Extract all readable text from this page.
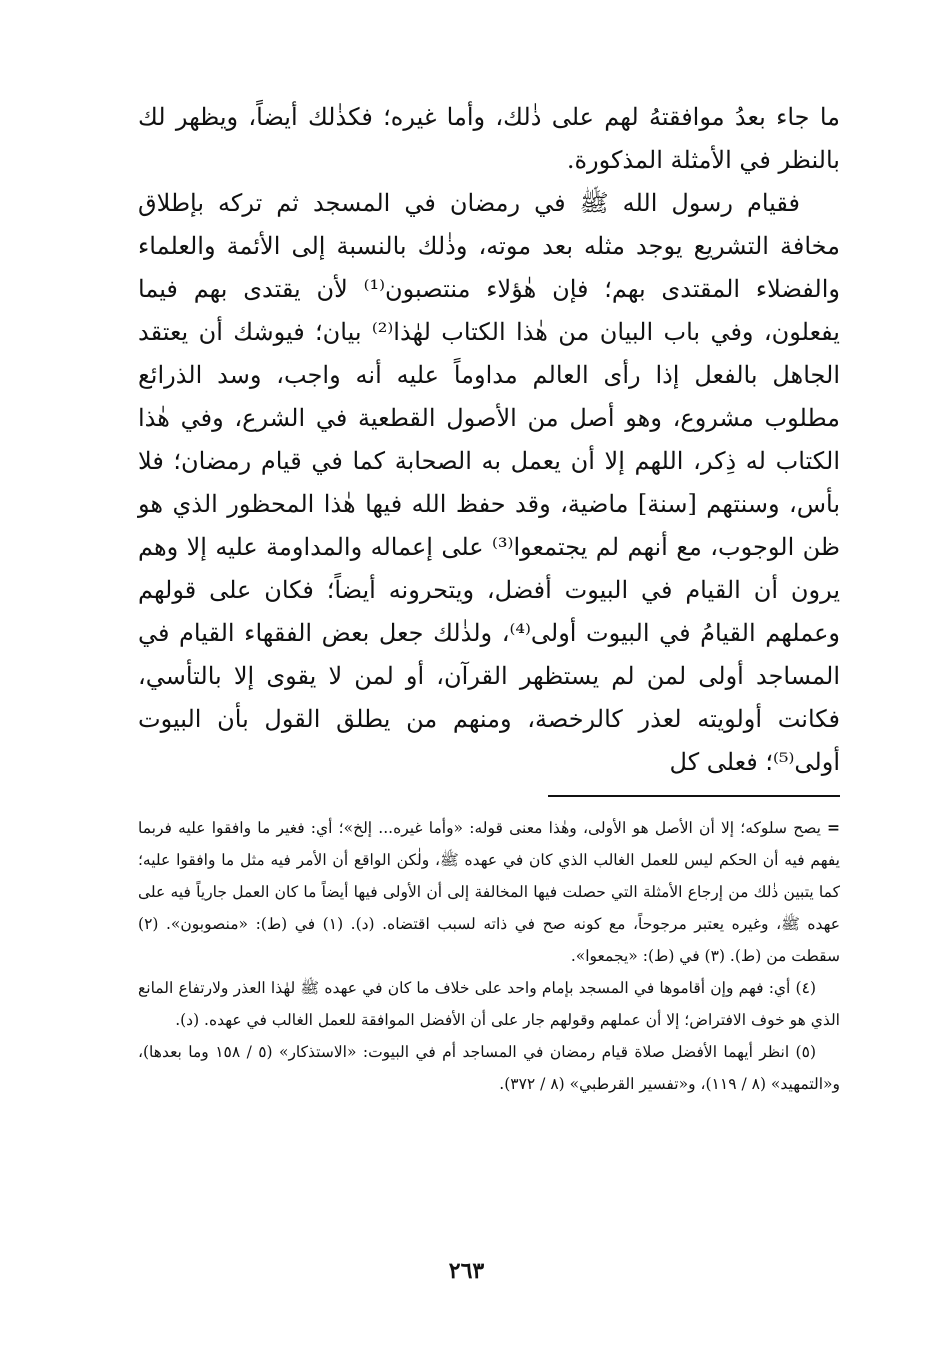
ما جاء بعدُ موافقتهُ لهم على ذٰلك، وأما غيره؛ فكذٰلك أيضاً، ويظهر لك بالنظر في الأمثلة المذكورة.

فقيام رسول الله ﷺ في رمضان في المسجد ثم تركه بإطلاق مخافة التشريع يوجد مثله بعد موته، وذٰلك بالنسبة إلى الأئمة والعلماء والفضلاء المقتدى بهم؛ فإن هٰؤلاء منتصبون⁽¹⁾ لأن يقتدى بهم فيما يفعلون، وفي باب البيان من هٰذا الكتاب لهٰذا⁽²⁾ بيان؛ فيوشك أن يعتقد الجاهل بالفعل إذا رأى العالم مداوماً عليه أنه واجب، وسد الذرائع مطلوب مشروع، وهو أصل من الأصول القطعية في الشرع، وفي هٰذا الكتاب له ذِكر، اللهم إلا أن يعمل به الصحابة كما في قيام رمضان؛ فلا بأس، وسنتهم [سنة] ماضية، وقد حفظ الله فيها هٰذا المحظور الذي هو ظن الوجوب، مع أنهم لم يجتمعوا⁽³⁾ على إعماله والمداومة عليه إلا وهم يرون أن القيام في البيوت أفضل، ويتحرونه أيضاً؛ فكان على قولهم وعملهم القيامُ في البيوت أولى⁽⁴⁾، ولذٰلك جعل بعض الفقهاء القيام في المساجد أولى لمن لم يستظهر القرآن، أو لمن لا يقوى إلا بالتأسي، فكانت أولويته لعذر كالرخصة، ومنهم من يطلق القول بأن البيوت أولى⁽⁵⁾؛ فعلى كل

=يصح سلوكه؛ إلا أن الأصل هو الأولى، وهٰذا معنى قوله: «وأما غيره... إلخ»؛ أي: فغير ما وافقوا عليه فربما يفهم فيه أن الحكم ليس للعمل الغالب الذي كان في عهده ﷺ، ولٰكن الواقع أن الأمر فيه مثل ما وافقوا عليه؛ كما يتبين ذٰلك من إرجاع الأمثلة التي حصلت فيها المخالفة إلى أن الأولى فيها أيضاً ما كان العمل جارياً فيه على عهده ﷺ، وغيره يعتبر مرجوحاً، مع كونه صح في ذاته لسبب اقتضاه. (د). (١) في (ط): «منصوبون». (٢) سقطت من (ط). (٣) في (ط): «يجمعوا».

(٤) أي: فهم وإن أقاموها في المسجد بإمام واحد على خلاف ما كان في عهده ﷺ لهٰذا العذر ولارتفاع المانع الذي هو خوف الافتراض؛ إلا أن عملهم وقولهم جار على أن الأفضل الموافقة للعمل الغالب في عهده. (د).

(٥) انظر أيهما الأفضل صلاة قيام رمضان في المساجد أم في البيوت: «الاستذكار» (٥ / ١٥٨ وما بعدها)، و«التمهيد» (٨ / ١١٩)، و«تفسير القرطبي» (٨ / ٣٧٢).

٢٦٣
